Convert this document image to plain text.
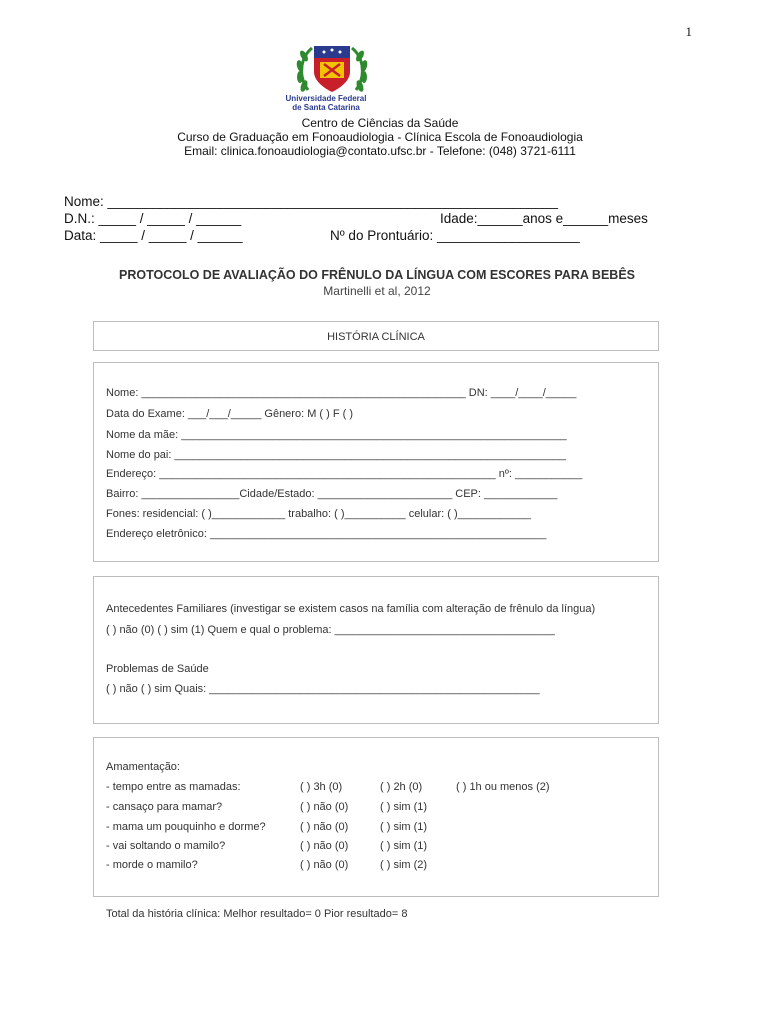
1
Universidade Federal
de Santa Catarina
Centro de Ciências da Saúde
Curso de Graduação em Fonoaudiologia - Clínica Escola de Fonoaudiologia
Email: clinica.fonoaudiologia@contato.ufsc.br - Telefone: (048) 3721-6111
Nome: ____________________________________________________________
D.N.: _____ / _____ / ______	Idade:______anos e______meses
Data: _____ / _____ / ______	Nº do Prontuário: ___________________
PROTOCOLO DE AVALIAÇÃO DO FRÊNULO DA LÍNGUA COM ESCORES PARA BEBÊS
Martinelli et al, 2012
HISTÓRIA CLÍNICA
Nome: _____________________________________________________ DN: ____/____/_____
Data do Exame: ___/___/_____ Gênero: M ( ) F ( )
Nome da mãe: _______________________________________________________________
Nome do pai: ________________________________________________________________
Endereço: _______________________________________________________ nº: ___________
Bairro: ________________Cidade/Estado: ______________________ CEP: ____________
Fones: residencial: ( )____________ trabalho: ( )__________ celular: ( )____________
Endereço eletrônico: _______________________________________________________
Antecedentes Familiares (investigar se existem casos na família com alteração de frênulo da língua)
( ) não (0) ( ) sim (1) Quem e qual o problema: ____________________________________
Problemas de Saúde
( ) não ( ) sim Quais: ______________________________________________________
Amamentação:
- tempo entre as mamadas:	( ) 3h (0)	( ) 2h (0)	( ) 1h ou menos (2)
- cansaço para mamar?	( ) não (0)	( ) sim (1)
- mama um pouquinho e dorme?	( ) não (0)	( ) sim (1)
- vai soltando o mamilo?	( ) não (0)	( ) sim (1)
- morde o mamilo?	( ) não (0)	( ) sim (2)
Total da história clínica: Melhor resultado= 0 Pior resultado= 8
